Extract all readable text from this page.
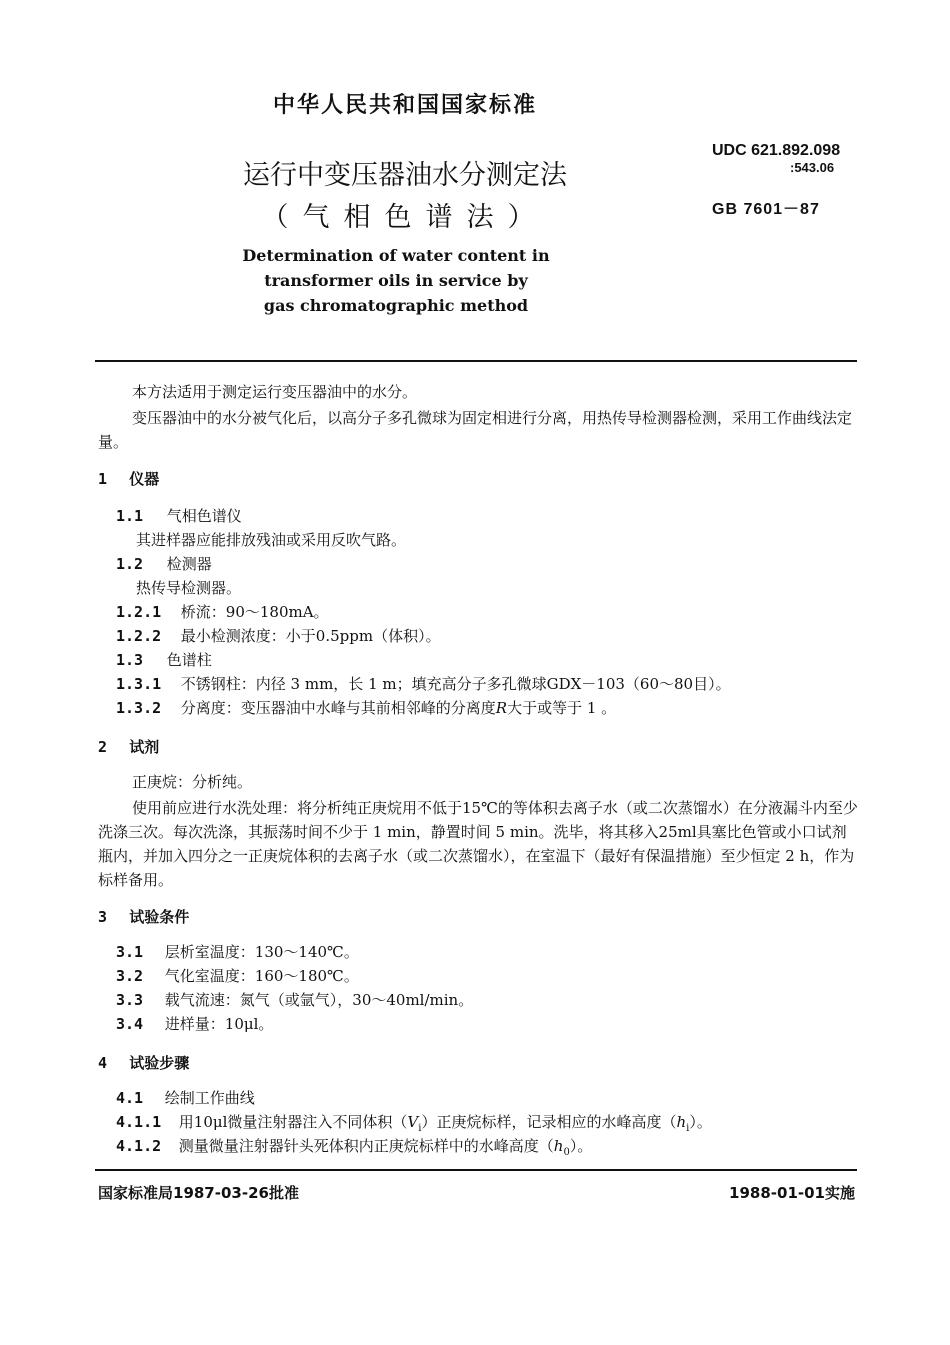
中华人民共和国国家标准
UDC 621.892.098
:543.06
GB 7601－87
运行中变压器油水分测定法
（气相色谱法）
Determination of water content in
transformer oils in service by
gas chromatographic method

本方法适用于测定运行变压器油中的水分。

变压器油中的水分被气化后，以高分子多孔微球为固定相进行分离，用热传导检测器检测，采用工作曲线法定量。

1 仪器
1.1 气相色谱仪
其进样器应能排放残油或采用反吹气路。
1.2 检测器
热传导检测器。
1.2.1 桥流：90～180mA。
1.2.2 最小检测浓度：小于0.5ppm（体积）。
1.3 色谱柱
1.3.1 不锈钢柱：内径 3 mm，长 1 m；填充高分子多孔微球GDX－103（60～80目）。
1.3.2 分离度：变压器油中水峰与其前相邻峰的分离度R大于或等于 1 。
2 试剂

正庚烷：分析纯。

使用前应进行水洗处理：将分析纯正庚烷用不低于15℃的等体积去离子水（或二次蒸馏水）在分液漏斗内至少洗涤三次。每次洗涤，其振荡时间不少于 1 min，静置时间 5 min。洗毕，将其移入25ml具塞比色管或小口试剂瓶内，并加入四分之一正庚烷体积的去离子水（或二次蒸馏水），在室温下（最好有保温措施）至少恒定 2 h，作为标样备用。

3 试验条件
3.1 层析室温度：130～140℃。
3.2 气化室温度：160～180℃。
3.3 载气流速：氮气（或氩气），30～40ml/min。
3.4 进样量：10μl。
4 试验步骤
4.1 绘制工作曲线
4.1.1 用10μl微量注射器注入不同体积$(V_i)$正庚烷标样，记录相应的水峰高度$(h_i)$。
4.1.2 测量微量注射器针头死体积内正庚烷标样中的水峰高度$(h_0)$。
国家标准局1987-03-26批准	1988-01-01实施
